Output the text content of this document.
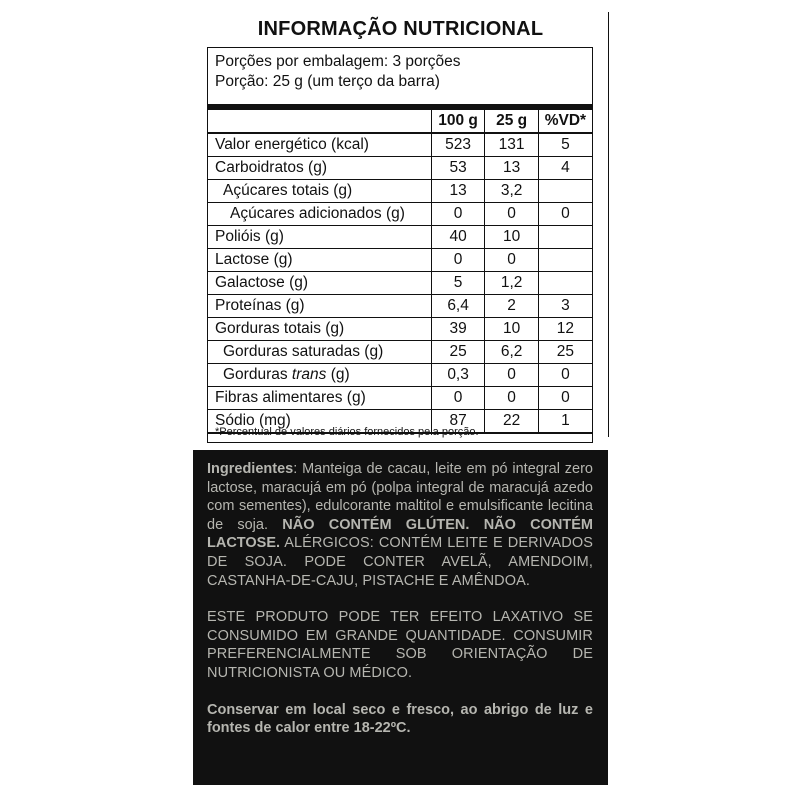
INFORMAÇÃO NUTRICIONAL
Porções por embalagem: 3 porções
Porção: 25 g (um terço da barra)
	100 g	25 g	%VD*
Valor energético (kcal)	523	131	5
Carboidratos (g)	53	13	4
Açúcares totais (g)	13	3,2	
Açúcares adicionados (g)	0	0	0
Polióis (g)	40	10	
Lactose (g)	0	0	
Galactose (g)	5	1,2	
Proteínas (g)	6,4	2	3
Gorduras totais (g)	39	10	12
Gorduras saturadas (g)	25	6,2	25
Gorduras trans (g)	0,3	0	0
Fibras alimentares (g)	0	0	0
Sódio (mg)	87	22	1
*Percentual de valores diários fornecidos pela porção.

Ingredientes: Manteiga de cacau, leite em pó integral zero lactose, maracujá em pó (polpa integral de maracujá azedo com sementes), edulcorante maltitol e emulsificante lecitina de soja. NÃO CONTÉM GLÚTEN. NÃO CONTÉM LACTOSE. ALÉRGICOS: CONTÉM LEITE E DERIVADOS DE SOJA. PODE CONTER AVELÃ, AMENDOIM, CASTANHA-DE-CAJU, PISTACHE E AMÊNDOA.

ESTE PRODUTO PODE TER EFEITO LAXATIVO SE CONSUMIDO EM GRANDE QUANTIDADE. CONSUMIR PREFERENCIALMENTE SOB ORIENTAÇÃO DE NUTRICIONISTA OU MÉDICO.

Conservar em local seco e fresco, ao abrigo de luz e fontes de calor entre 18-22ºC.
